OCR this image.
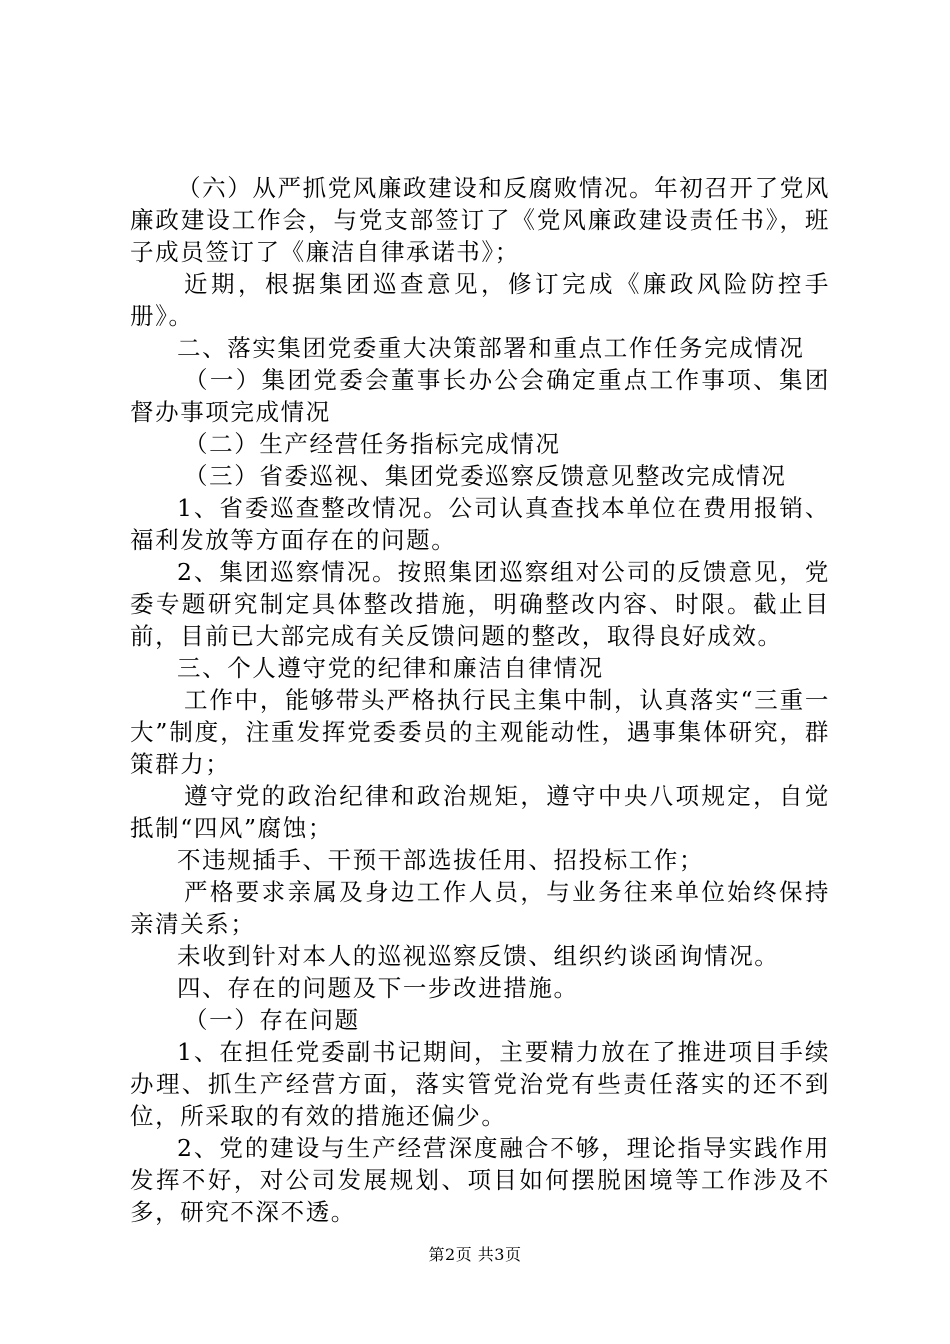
（六）从严抓党风廉政建设和反腐败情况。年初召开了党风廉政建设工作会，与党支部签订了《党风廉政建设责任书》，班子成员签订了《廉洁自律承诺书》；

近期，根据集团巡查意见，修订完成《廉政风险防控手册》。

二、落实集团党委重大决策部署和重点工作任务完成情况

（一）集团党委会董事长办公会确定重点工作事项、集团督办事项完成情况

（二）生产经营任务指标完成情况

（三）省委巡视、集团党委巡察反馈意见整改完成情况

1、省委巡查整改情况。公司认真查找本单位在费用报销、福利发放等方面存在的问题。

2、集团巡察情况。按照集团巡察组对公司的反馈意见，党委专题研究制定具体整改措施，明确整改内容、时限。截止目前，目前已大部完成有关反馈问题的整改，取得良好成效。

三、个人遵守党的纪律和廉洁自律情况

工作中，能够带头严格执行民主集中制，认真落实“三重一大”制度，注重发挥党委委员的主观能动性，遇事集体研究，群策群力；

遵守党的政治纪律和政治规矩，遵守中央八项规定，自觉抵制“四风”腐蚀；

不违规插手、干预干部选拔任用、招投标工作；

严格要求亲属及身边工作人员，与业务往来单位始终保持亲清关系；

未收到针对本人的巡视巡察反馈、组织约谈函询情况。

四、存在的问题及下一步改进措施。

（一）存在问题

1、在担任党委副书记期间，主要精力放在了推进项目手续办理、抓生产经营方面，落实管党治党有些责任落实的还不到位，所采取的有效的措施还偏少。

2、党的建设与生产经营深度融合不够，理论指导实践作用发挥不好，对公司发展规划、项目如何摆脱困境等工作涉及不多，研究不深不透。

第2页 共3页
